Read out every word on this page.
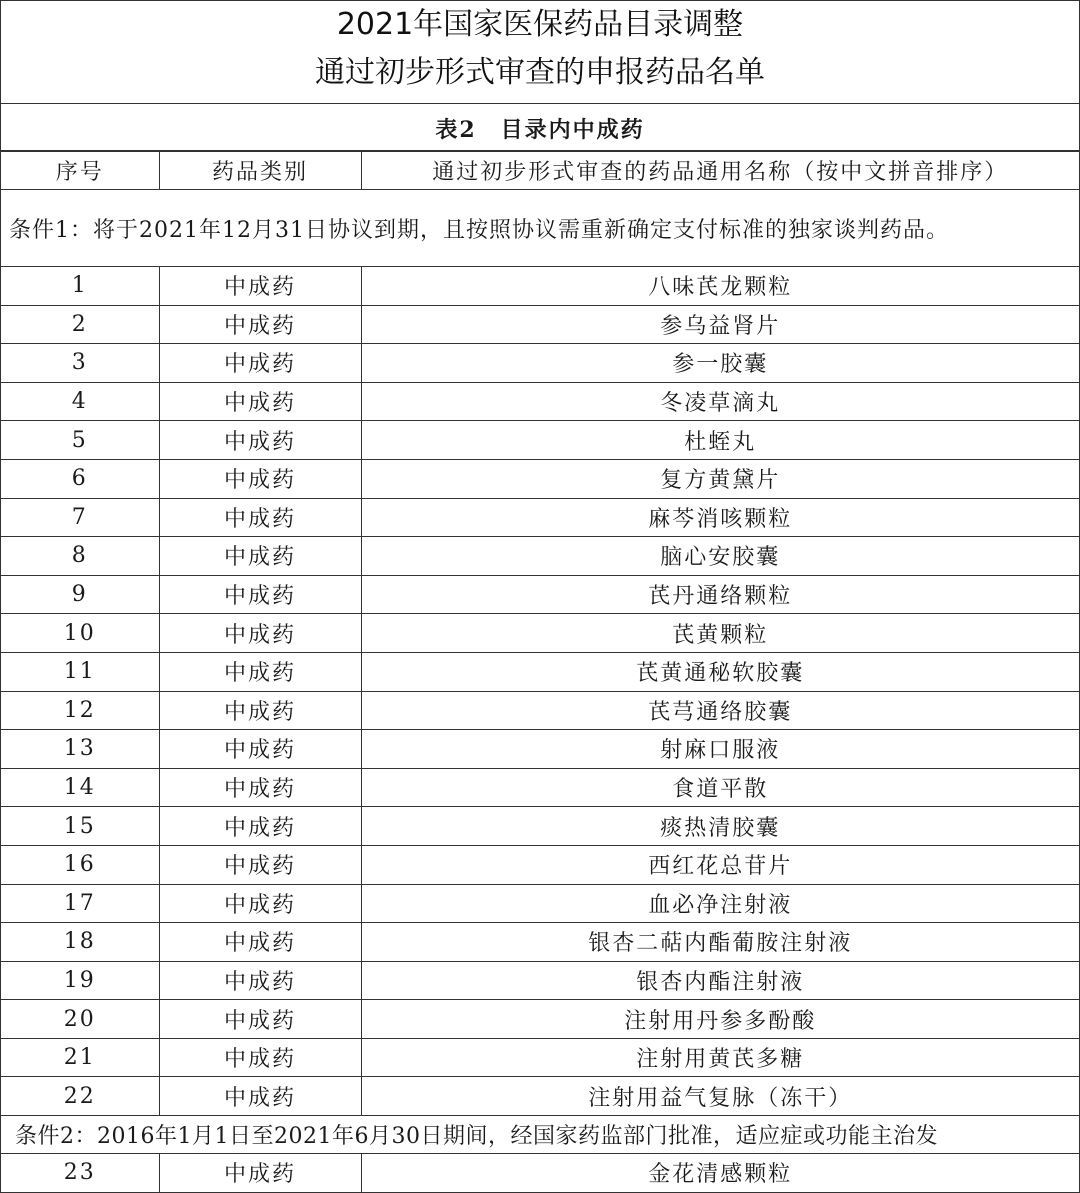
2021年国家医保药品目录调整
通过初步形式审查的申报药品名单
表2　目录内中成药
序号	药品类别	通过初步形式审查的药品通用名称（按中文拼音排序）
条件1：将于2021年12月31日协议到期，且按照协议需重新确定支付标准的独家谈判药品。		
1	中成药	八味芪龙颗粒
2	中成药	参乌益肾片
3	中成药	参一胶囊
4	中成药	冬凌草滴丸
5	中成药	杜蛭丸
6	中成药	复方黄黛片
7	中成药	麻芩消咳颗粒
8	中成药	脑心安胶囊
9	中成药	芪丹通络颗粒
10	中成药	芪黄颗粒
11	中成药	芪黄通秘软胶囊
12	中成药	芪芎通络胶囊
13	中成药	射麻口服液
14	中成药	食道平散
15	中成药	痰热清胶囊
16	中成药	西红花总苷片
17	中成药	血必净注射液
18	中成药	银杏二萜内酯葡胺注射液
19	中成药	银杏内酯注射液
20	中成药	注射用丹参多酚酸
21	中成药	注射用黄芪多糖
22	中成药	注射用益气复脉（冻干）
条件2：2016年1月1日至2021年6月30日期间，经国家药监部门批准，适应症或功能主治发		
23	中成药	金花清感颗粒
